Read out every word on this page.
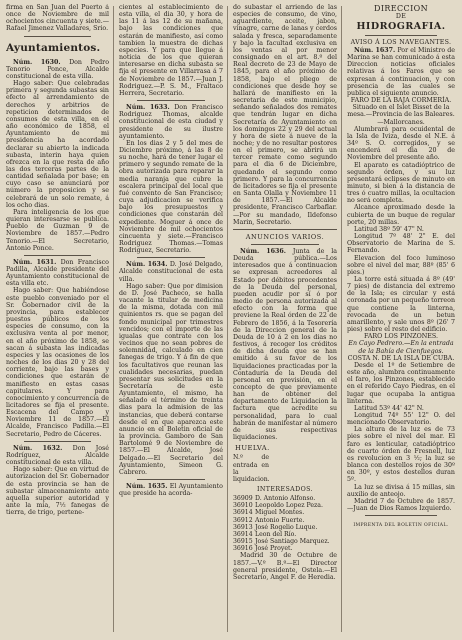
firma en San Juan del Puerto á once de Noviembre de mil ochocientos cincuenta y siete.—Rafael Jimenez Valladares, Srio.

Ayuntamientos.

Núm. 1630. Don Pedro Tenorio Ponce, Alcalde constitucional de esta villa.

Hago saber: Que celebradas primera y segunda subastas sin efecto al arrendamiento de derechos y arbitrios de repeticion determinados de consumos de esta villa, en el año económico de 1858, el Ayuntamiento de mi presidencia ha acordado declarar su abierto la indicada subasta, interin haya quien ofrezca en la que resta de año las dos terceras partes de la cantidad señalada por base; en cuyo caso se anunciará por número la proposicion y se celebrará de un solo remate, á los ocho dias.

Para inteligencia de los que quieran interesarse se publica. Pueblo de Guzman 9 de Noviembre de 1857.—Pedro Tenorio.—El Secretario, Antonio Ponce.

Núm. 1631. Don Francisco Padilla, Alcalde presidente del Ayuntamiento constitucional de esta villa etc.

Hago saber: Que habiéndose este pueblo conveniado por el Sr. Gobernador civil de la provincia, para establecer puestos públicos de los especies de consumo, con la exclusiva venta al por menor, en el año próximo de 1858, se sacan á subasta las indicadas especies y las ocasiones de los noches de los dias 20 y 28 del corriente, bajo las bases y condiciones que estarán de manifiesto en estas casas capitulares. Y para conocimiento y concurrencia de licitadores se fija el presente. Escacena del Campo y Noviembre 11 de 1857.—El Alcalde, Francisco Padilla.—El Secretario, Pedro de Cáceres.

Núm. 1632. Don José Rodríguez, Alcalde constitucional de esta villa.

Hago saber: Que en virtud de autorizacion del Sr. Gobernador de esta provincia se han de subastar almacenamiento ante aquella superior autoridad y ante la mia, 7½ fanegas de tierra, de trigo, pertene-

cientes al establecimiento de esta villa, el dia 30, y hora de las 11 á las 12 de su mañana, bajo las condiciones que estarán de manifiesto, así como tambien la muestra de dichas especies. Y para que llegue á noticia de los que quieran interesarse en dicha subasta se fija el presente en Villarrasa á 7 de Noviembre de 1857.—Juan J. Rodriguez.—P. S. M., Fraltaco Herrera, Secretario.

Núm. 1633. Don Francisco Rodriguez Thomas, alcalde constitucional de esta ciudad y presidente de su ilustre ayuntamiento.

En los dias 2 y 5 del mes de Diciembre próximo, á las 8 de su noche, hará de tener lugar el primero y segundo remate de la obra autorizada para reparar la media naranja que cubre la escalera principal del local que fué convento de San Francisco; cuya adjudicacion se verifica bajo los presupuestos y condiciones que constarán del expediente. Moguer á once de Noviembre de mil ochocientos cincuenta y siete.—Francisco Rodriguez Thomas.—Tomas Rodriguez, Secretario.

Núm. 1634. D. José Delgado, Alcalde constitucional de esta villa.

Hago saber: Que por dimision de D. José Pacheco, se halla vacante la titular de medicina de la misma, dotada con mil quinientos rs. que se pagan del fondo municipal por trimestres vencidos; con el importe de las igualas que contrate con los vecinos que no sean pobres de solemnidad, calculado en cien fanegas de trigo. Y á fin de que los facultativos que reunan las cualidades necesarias, puedan presentar sus solicitudes en la Secretaría de este Ayuntamiento, el mismo, ha señalado el término de treinta dias para la admision de las instancias, que deberá contarse desde el en que aparezca este anuncio en el Boletin oficial de la provincia. Gamboro de San Bartolomé 9 de Noviembre de 1857.—El Alcalde, José Delgado.—El Secretario del Ayuntamiento, Simeon G. Cabrero.

Núm. 1635. El Ayuntamiento que preside ha acorda-

do subastar el arriendo de las especies de consumo, de vino, aguardiente, aceite, jabon, vinagre, carne de lanas y cerdos salada y fresca, separadamente y bajo la facultad exclusiva en los ventas al por menor consignado en el art. 8.º del Real decreto de 23 de Mayo de 1845, para el año próximo de 1858, bajo el pliego de condiciones que desde hoy se hallará de manifiesto en la secretaria de este municipio, señando señalados dos remates que tendrán lugar en dicha Secretaría de Ayuntamiento en los domingos 22 y 29 del actual y hora de siete á nueve de la noche; y de no resultar postores en el primero, se abrirá un tercer remate como segundo para el dia 6 de Diciembre, quedando el segundo como primero. Y para la concurrencia de licitadores se fija el presente en Santa Olalla y Noviembre 11 de 1857.—El Alcalde presidente, Francisco Carbaflar.—Por su mandado, Ildefonso Marin, Secretario.

ANUNCIOS VARIOS.

Núm. 1636. Junta de la Deuda pública.—Los interesados que á continuacion se expresan acreedores al Estado por débitos procedentes de la Deuda del personal, pueden acudir por sí ó por medio de persona autorizada al efecto con la forma que previene la Real órden de 22 de Febrero de 1856, á la Tesorería de la Direccion general de la Deuda de 10 á 2 en los dias no festivos, á recoger los créditos de dicha deuda que se han emitido á su favor de los liquidaciones practicadas por la Contaduría de la Deuda del personal en previsión, en el concepto de que previamente han de obtener del departamento de Liquidacion la factura que acredite su personalidad, para lo cual habrán de manifestar al número de sus respectivas liquidaciones.

HUELVA.
N.º de entrada en la liquidacion.
INTERESADOS.
36909	D. Antonio Alfonso.
36910	Leopoldo Lopez Peza.
36914	Miguel Montes.
36912	Antonio Fuerte.
36913	José Rogelio Luque.
36914	Leon del Río.
36915	José Santiago Marquez.
36916	José Proyet.

Madrid 30 de Octubre de 1857.—V.º B.º—El Director general presidente, Ostela.—El Secretario, Angel F. de Heredia.

DIRECCION
DE
HIDROGRAFIA.
AVISO Á LOS NAVEGANTES.

Núm. 1637. Por el Ministro de Marina se han comunicado á esta Direccion noticias oficiales relativas á los Faros que se expresan á continuacion, y con presencia de las cuales se publica el siguiente anuncio.

FARO DE LA BAJA CORMERÍA. Situado en el Islet Bisset de la mesa.—Provincia de las Baleares.—Mallorcanes.

Alumbrará para ocuidental de la Isla de Iviza, desde el N.E. á 34º S. O. corregidos, y se encenderá el dia 20 de Noviembre del presente año.

El aparato es catadióptrico de segundo órden, y su luz presentará eclipses de minuto en minuto, si bien á la distancia de tres ó cuatro millas, la ocultacion no será completa.

Alcance aproximado desde la cubierta de un buque de regular porte, 20 millas.

Latitud 38º 59' 47" N.

Longitud 7º 48' 2" E. del Observatorio de Marina de S. Fernando.

Elevacion del foco luminoso sobre el nivel del mar, 88º (85' 6 pies.)

La torre está situada á 8º (49' 7 pies) de distancia del extremo de la Isla; es circular y está coronada por un pequeño torreon que contiene la linterna, revocada de un betun amarillento, y sale unos 8º (26' 7 pies) sobre el resto del edificio.

FARO LOS PINZONES.

En Cayo Pedrero.—En la entrada de la Bahía de Cienfuegos.

COSTA N. DE LA ISLA DE CUBA.

Desde el 1º de Setiembre de este año, alumbra continuamente el faro, los Pinzones, establecido en el referido Cayo Piedras, en el lugar que ocupaba la antigua linterna.

Latitud 53º 44' 42" N.

Longitud 74º 55' 12" O. del mencionado Observatorio.

La altura de la luz es de 73 pies sobre el nivel del mar. El faro es lenticular, catadióptrico de cuarto órden de Fresnell, luz es revolucion en 3 ½; la luz se blanca con destellos rojos de 30º en 30º, y estos destellos duran 5º.

La luz se divisa á 15 millas, sin auxilio de anteojo.

Madrid 7 de Octubre de 1857.—Juan de Dios Ramos Izquierdo.

IMPRENTA DEL BOLETIN OFICIAL.
